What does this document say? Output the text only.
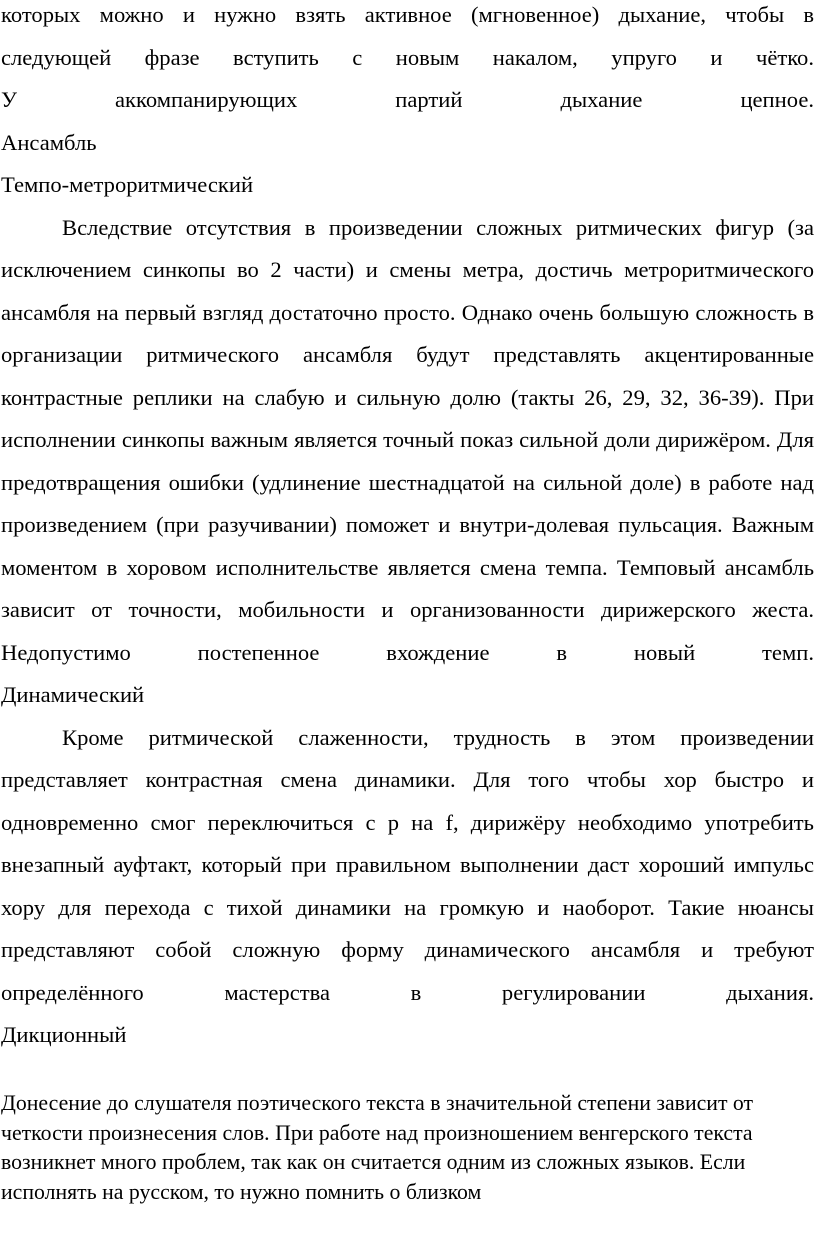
которых можно и нужно взять активное (мгновенное) дыхание, чтобы в

следующей фразе вступить с новым накалом, упруго и чётко.

У аккомпанирующих партий дыхание цепное.

Ансамбль

Темпо-метроритмический

Вследствие отсутствия в произведении сложных ритмических фигур (за исключением синкопы во 2 части) и смены метра, достичь метроритмического ансамбля на первый взгляд достаточно просто. Однако очень большую сложность в организации ритмического ансамбля будут представлять акцентированные контрастные реплики на слабую и сильную долю (такты 26, 29, 32, 36-39). При исполнении синкопы важным является точный показ сильной доли дирижёром. Для предотвращения ошибки (удлинение шестнадцатой на сильной доле) в работе над произведением (при разучивании) поможет и внутри-долевая пульсация. Важным моментом в хоровом исполнительстве является смена темпа. Темповый ансамбль зависит от точности, мобильности и организованности дирижерского жеста. Недопустимо постепенное вхождение в новый темп.

Динамический

Кроме ритмической слаженности, трудность в этом произведении представляет контрастная смена динамики. Для того чтобы хор быстро и одновременно смог переключиться с p на f, дирижёру необходимо употребить внезапный ауфтакт, который при правильном выполнении даст хороший импульс хору для перехода с тихой динамики на громкую и наоборот. Такие нюансы представляют собой сложную форму динамического ансамбля и требуют определённого мастерства в регулировании дыхания.

Дикционный

Донесение до слушателя поэтического текста в значительной степени зависит от четкости произнесения слов. При работе над произношением венгерского текста возникнет много проблем, так как он считается одним из сложных языков. Если исполнять на русском, то нужно помнить о близком
